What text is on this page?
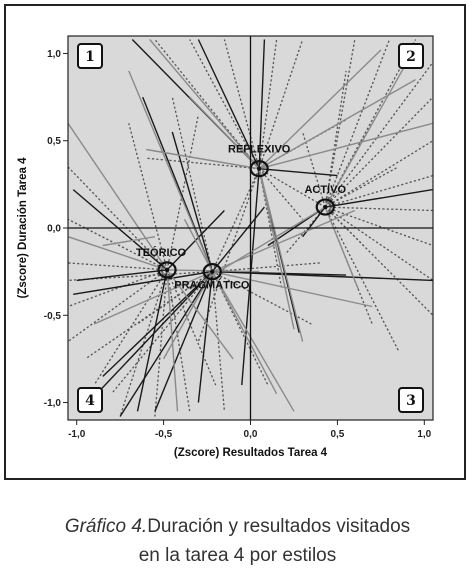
-1,0	-0,5	0,0	0,5	1,0
1,0
0,5
0,0
-0,5
-1,0
(Zscore) Resultados Tarea 4
(Zscore) Duración Tarea 4
REFLEXIVO
ACTIVO
TEÓRICO
PRAGMÁTICO
1	2
3
4
Gráfico 4.Duración y resultados visitados
en la tarea 4 por estilos
